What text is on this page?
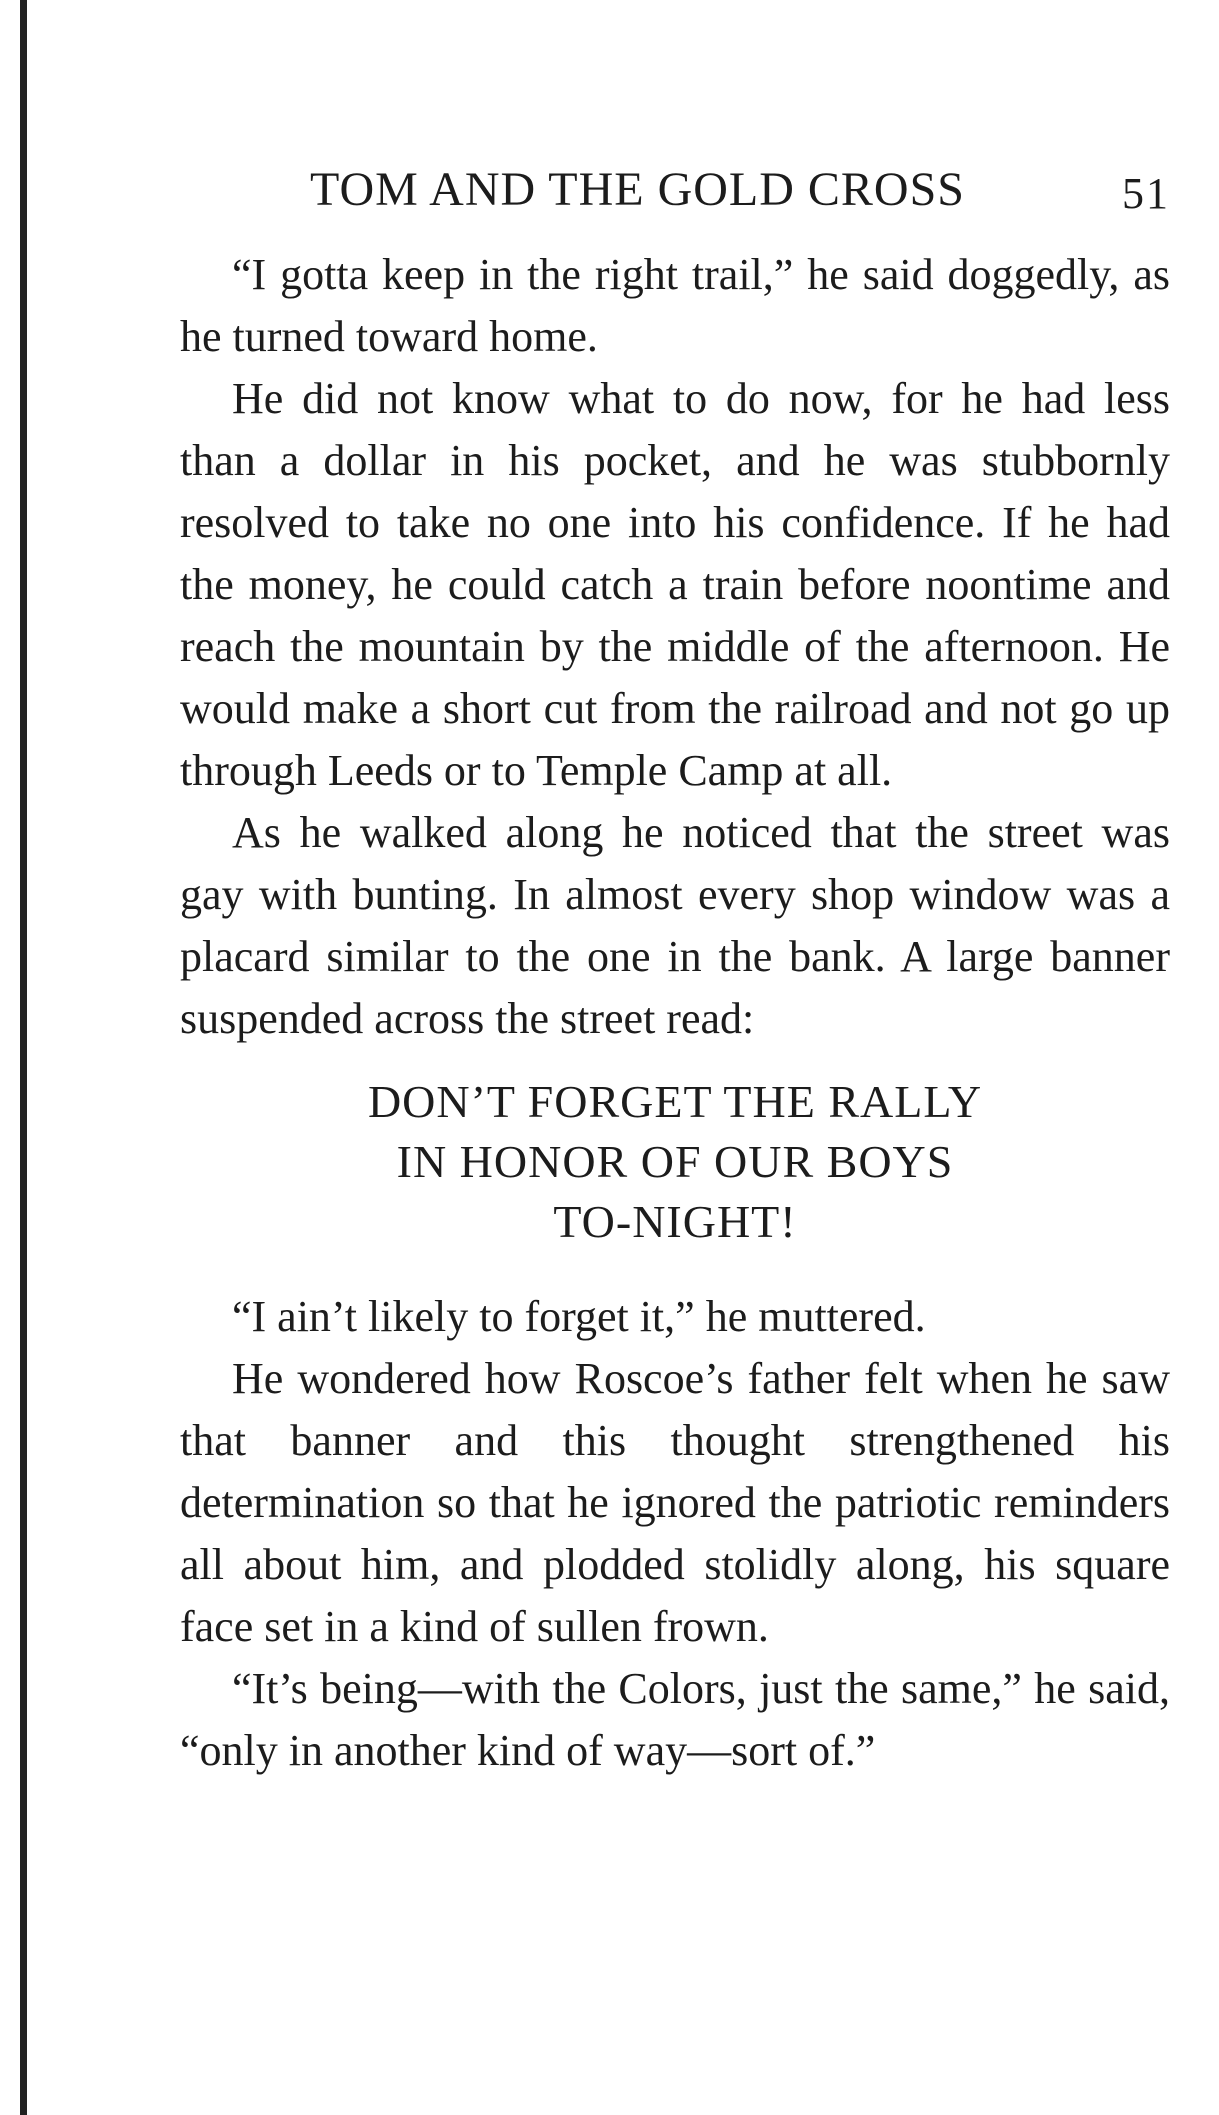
TOM AND THE GOLD CROSS	51

“I gotta keep in the right trail,” he said doggedly, as he turned toward home.

He did not know what to do now, for he had less than a dollar in his pocket, and he was stubbornly resolved to take no one into his confidence. If he had the money, he could catch a train before noontime and reach the mountain by the middle of the afternoon. He would make a short cut from the railroad and not go up through Leeds or to Temple Camp at all.

As he walked along he noticed that the street was gay with bunting. In almost every shop window was a placard similar to the one in the bank. A large banner suspended across the street read:

DON’T FORGET THE RALLY
IN HONOR OF OUR BOYS
TO-NIGHT!

“I ain’t likely to forget it,” he muttered.

He wondered how Roscoe’s father felt when he saw that banner and this thought strengthened his determination so that he ignored the patriotic reminders all about him, and plodded stolidly along, his square face set in a kind of sullen frown.

“It’s being—with the Colors, just the same,” he said, “only in another kind of way—sort of.”
